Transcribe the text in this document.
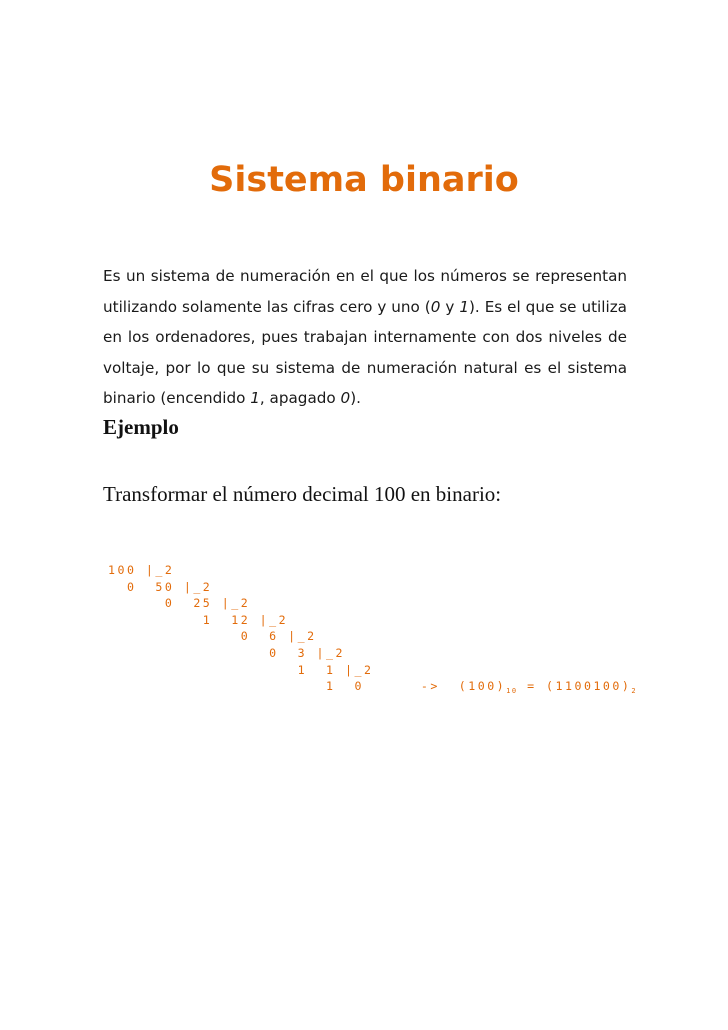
Sistema binario

Es un sistema de numeración en el que los números se representan utilizando solamente las cifras cero y uno (0 y 1). Es el que se utiliza en los ordenadores, pues trabajan internamente con dos niveles de voltaje, por lo que su sistema de numeración natural es el sistema binario (encendido 1, apagado 0).

Ejemplo

Transformar el número decimal 100 en binario:

100 |_2
0  50 |_2
0  25 |_2
1  12 |_2
0  6 |_2
0  3 |_2
1  1 |_2
1  0      ->  $(100)_{10} = (1100100)_2$
